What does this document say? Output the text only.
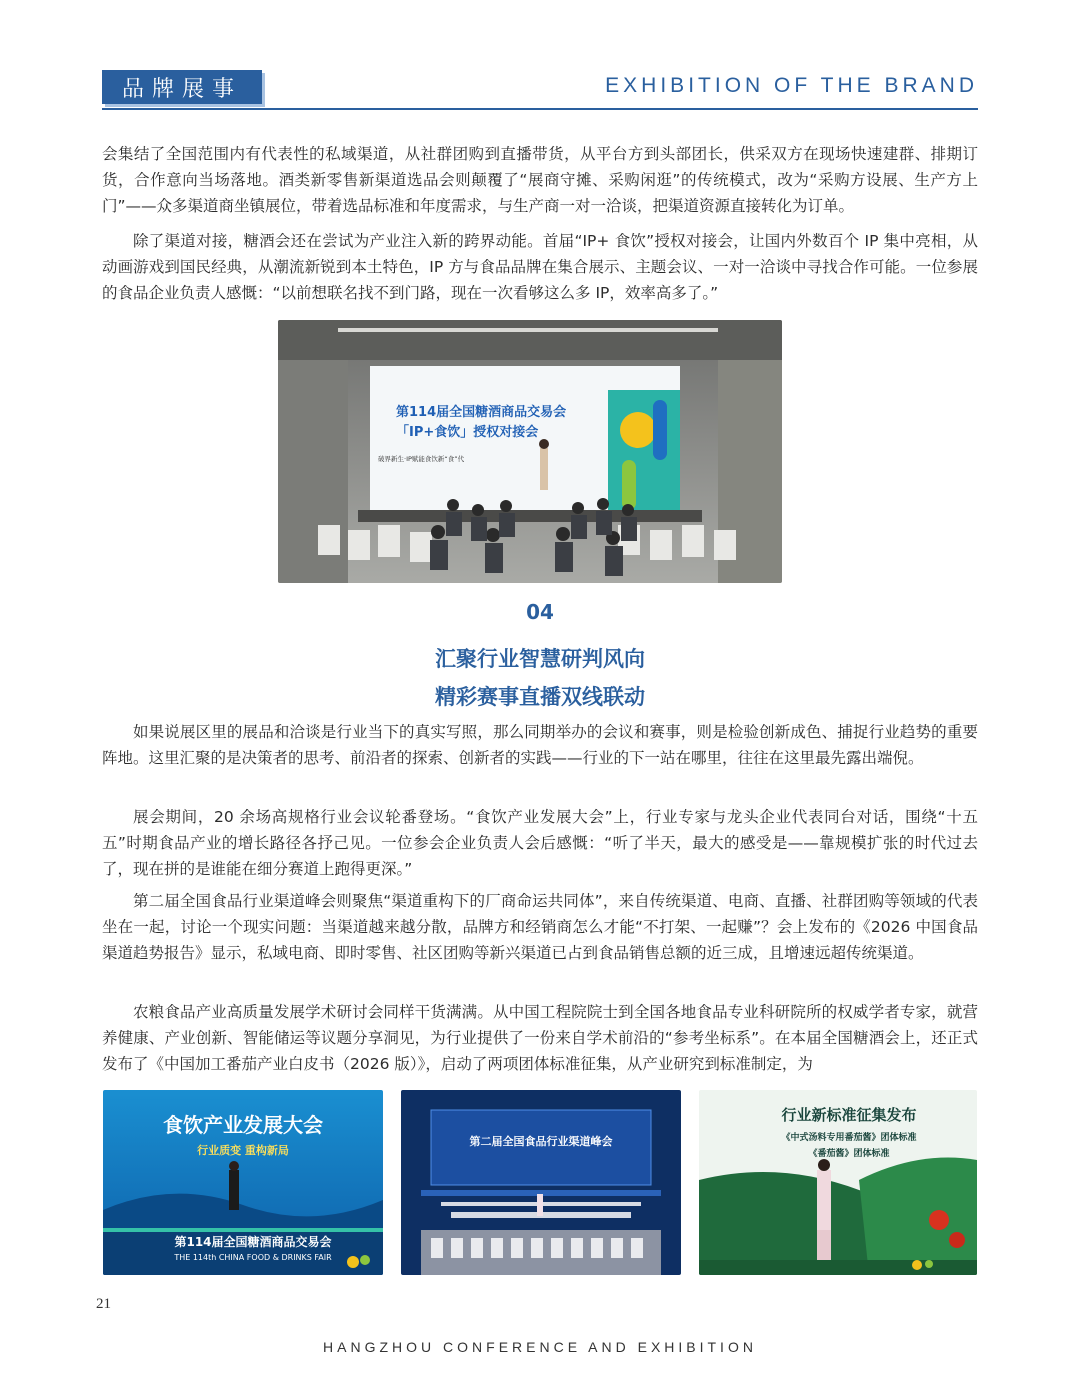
品牌展事	EXHIBITION OF THE BRAND

会集结了全国范围内有代表性的私域渠道，从社群团购到直播带货，从平台方到头部团长，供采双方在现场快速建群、排期订货，合作意向当场落地。酒类新零售新渠道选品会则颠覆了“展商守摊、采购闲逛”的传统模式，改为“采购方设展、生产方上门”——众多渠道商坐镇展位，带着选品标准和年度需求，与生产商一对一洽谈，把渠道资源直接转化为订单。

除了渠道对接，糖酒会还在尝试为产业注入新的跨界动能。首届“IP+ 食饮”授权对接会，让国内外数百个 IP 集中亮相，从动画游戏到国民经典，从潮流新锐到本土特色，IP 方与食品品牌在集合展示、主题会议、一对一洽谈中寻找合作可能。一位参展的食品企业负责人感慨：“以前想联名找不到门路，现在一次看够这么多 IP，效率高多了。”

第114届全国糖酒商品交易会
「IP+食饮」授权对接会
破界新生·IP赋能食饮新“食”代
04
汇聚行业智慧研判风向
精彩赛事直播双线联动

如果说展区里的展品和洽谈是行业当下的真实写照，那么同期举办的会议和赛事，则是检验创新成色、捕捉行业趋势的重要阵地。这里汇聚的是决策者的思考、前沿者的探索、创新者的实践——行业的下一站在哪里，往往在这里最先露出端倪。

展会期间，20 余场高规格行业会议轮番登场。“食饮产业发展大会”上，行业专家与龙头企业代表同台对话，围绕“十五五”时期食品产业的增长路径各抒己见。一位参会企业负责人会后感慨：“听了半天，最大的感受是——靠规模扩张的时代过去了，现在拼的是谁能在细分赛道上跑得更深。”

第二届全国食品行业渠道峰会则聚焦“渠道重构下的厂商命运共同体”，来自传统渠道、电商、直播、社群团购等领域的代表坐在一起，讨论一个现实问题：当渠道越来越分散，品牌方和经销商怎么才能“不打架、一起赚”？会上发布的《2026 中国食品渠道趋势报告》显示，私域电商、即时零售、社区团购等新兴渠道已占到食品销售总额的近三成，且增速远超传统渠道。

农粮食品产业高质量发展学术研讨会同样干货满满。从中国工程院院士到全国各地食品专业科研院所的权威学者专家，就营养健康、产业创新、智能储运等议题分享洞见，为行业提供了一份来自学术前沿的“参考坐标系”。在本届全国糖酒会上，还正式发布了《中国加工番茄产业白皮书（2026 版）》，启动了两项团体标准征集，从产业研究到标准制定，为

食饮产业发展大会
行业质变 重构新局
第114届全国糖酒商品交易会
THE 114th CHINA FOOD & DRINKS FAIR
第二届全国食品行业渠道峰会
行业新标准征集发布
《中式汤料专用番茄酱》团体标准
《番茄酱》团体标准
21
HANGZHOU CONFERENCE AND EXHIBITION
